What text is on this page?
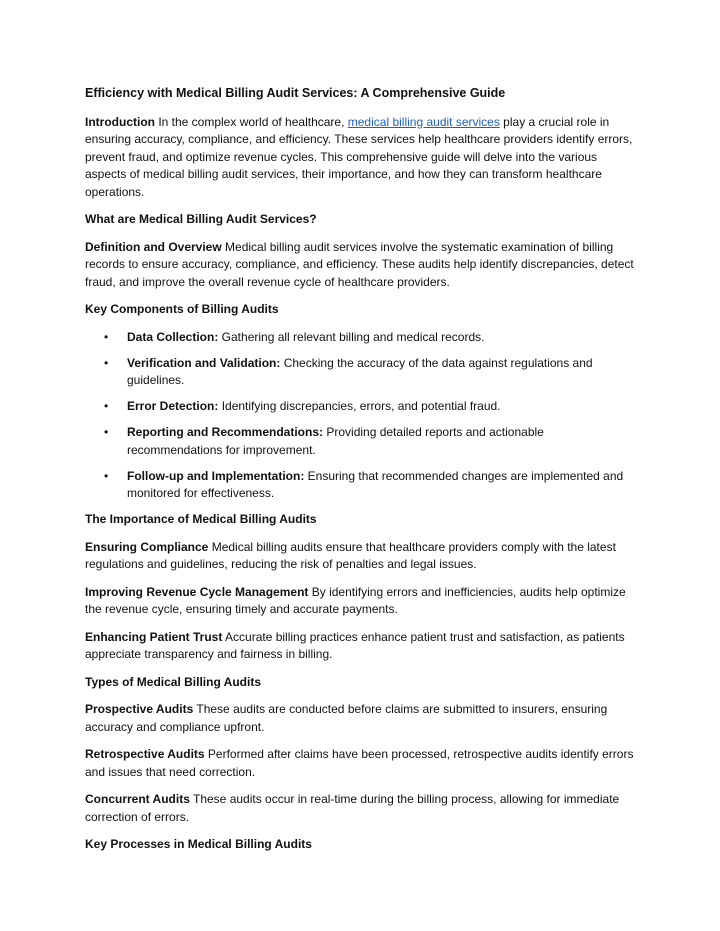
Efficiency with Medical Billing Audit Services: A Comprehensive Guide

Introduction In the complex world of healthcare, medical billing audit services play a crucial role in ensuring accuracy, compliance, and efficiency. These services help healthcare providers identify errors, prevent fraud, and optimize revenue cycles. This comprehensive guide will delve into the various aspects of medical billing audit services, their importance, and how they can transform healthcare operations.

What are Medical Billing Audit Services?

Definition and Overview Medical billing audit services involve the systematic examination of billing records to ensure accuracy, compliance, and efficiency. These audits help identify discrepancies, detect fraud, and improve the overall revenue cycle of healthcare providers.

Key Components of Billing Audits
• Data Collection: Gathering all relevant billing and medical records.
• Verification and Validation: Checking the accuracy of the data against regulations and guidelines.
• Error Detection: Identifying discrepancies, errors, and potential fraud.
• Reporting and Recommendations: Providing detailed reports and actionable recommendations for improvement.
• Follow-up and Implementation: Ensuring that recommended changes are implemented and monitored for effectiveness.
The Importance of Medical Billing Audits

Ensuring Compliance Medical billing audits ensure that healthcare providers comply with the latest regulations and guidelines, reducing the risk of penalties and legal issues.

Improving Revenue Cycle Management By identifying errors and inefficiencies, audits help optimize the revenue cycle, ensuring timely and accurate payments.

Enhancing Patient Trust Accurate billing practices enhance patient trust and satisfaction, as patients appreciate transparency and fairness in billing.

Types of Medical Billing Audits

Prospective Audits These audits are conducted before claims are submitted to insurers, ensuring accuracy and compliance upfront.

Retrospective Audits Performed after claims have been processed, retrospective audits identify errors and issues that need correction.

Concurrent Audits These audits occur in real-time during the billing process, allowing for immediate correction of errors.

Key Processes in Medical Billing Audits
